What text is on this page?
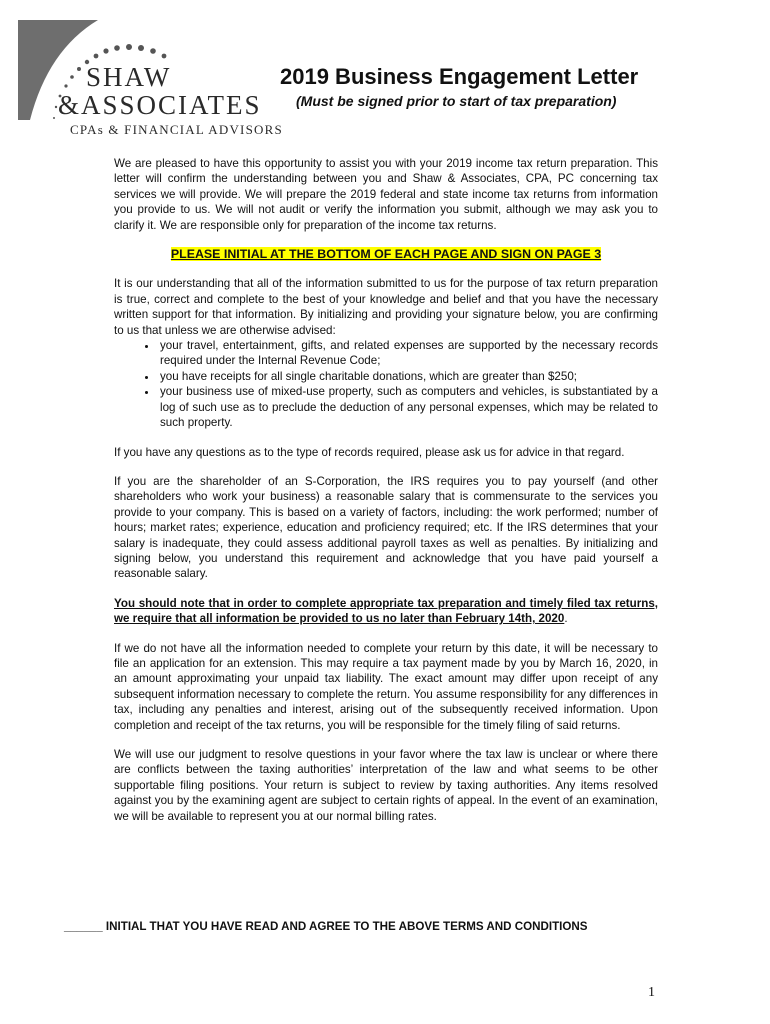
SHAW
&ASSOCIATES
CPAs & FINANCIAL ADVISORS
2019 Business Engagement Letter

(Must be signed prior to start of tax preparation)

We are pleased to have this opportunity to assist you with your 2019 income tax return preparation. This letter will confirm the understanding between you and Shaw & Associates, CPA, PC concerning tax services we will provide. We will prepare the 2019 federal and state income tax returns from information you provide to us. We will not audit or verify the information you submit, although we may ask you to clarify it. We are responsible only for preparation of the income tax returns.

PLEASE INITIAL AT THE BOTTOM OF EACH PAGE AND SIGN ON PAGE 3

It is our understanding that all of the information submitted to us for the purpose of tax return preparation is true, correct and complete to the best of your knowledge and belief and that you have the necessary written support for that information. By initializing and providing your signature below, you are confirming to us that unless we are otherwise advised:

• your travel, entertainment, gifts, and related expenses are supported by the necessary records required under the Internal Revenue Code;
• you have receipts for all single charitable donations, which are greater than $250;
• your business use of mixed-use property, such as computers and vehicles, is substantiated by a log of such use as to preclude the deduction of any personal expenses, which may be related to such property.

If you have any questions as to the type of records required, please ask us for advice in that regard.

If you are the shareholder of an S-Corporation, the IRS requires you to pay yourself (and other shareholders who work your business) a reasonable salary that is commensurate to the services you provide to your company. This is based on a variety of factors, including: the work performed; number of hours; market rates; experience, education and proficiency required; etc. If the IRS determines that your salary is inadequate, they could assess additional payroll taxes as well as penalties. By initializing and signing below, you understand this requirement and acknowledge that you have paid yourself a reasonable salary.

You should note that in order to complete appropriate tax preparation and timely filed tax returns, we require that all information be provided to us no later than February 14th, 2020.

If we do not have all the information needed to complete your return by this date, it will be necessary to file an application for an extension. This may require a tax payment made by you by March 16, 2020, in an amount approximating your unpaid tax liability. The exact amount may differ upon receipt of any subsequent information necessary to complete the return. You assume responsibility for any differences in tax, including any penalties and interest, arising out of the subsequently received information. Upon completion and receipt of the tax returns, you will be responsible for the timely filing of said returns.

We will use our judgment to resolve questions in your favor where the tax law is unclear or where there are conflicts between the taxing authorities’ interpretation of the law and what seems to be other supportable filing positions. Your return is subject to review by taxing authorities. Any items resolved against you by the examining agent are subject to certain rights of appeal. In the event of an examination, we will be available to represent you at our normal billing rates.

______ INITIAL THAT YOU HAVE READ AND AGREE TO THE ABOVE TERMS AND CONDITIONS
1
